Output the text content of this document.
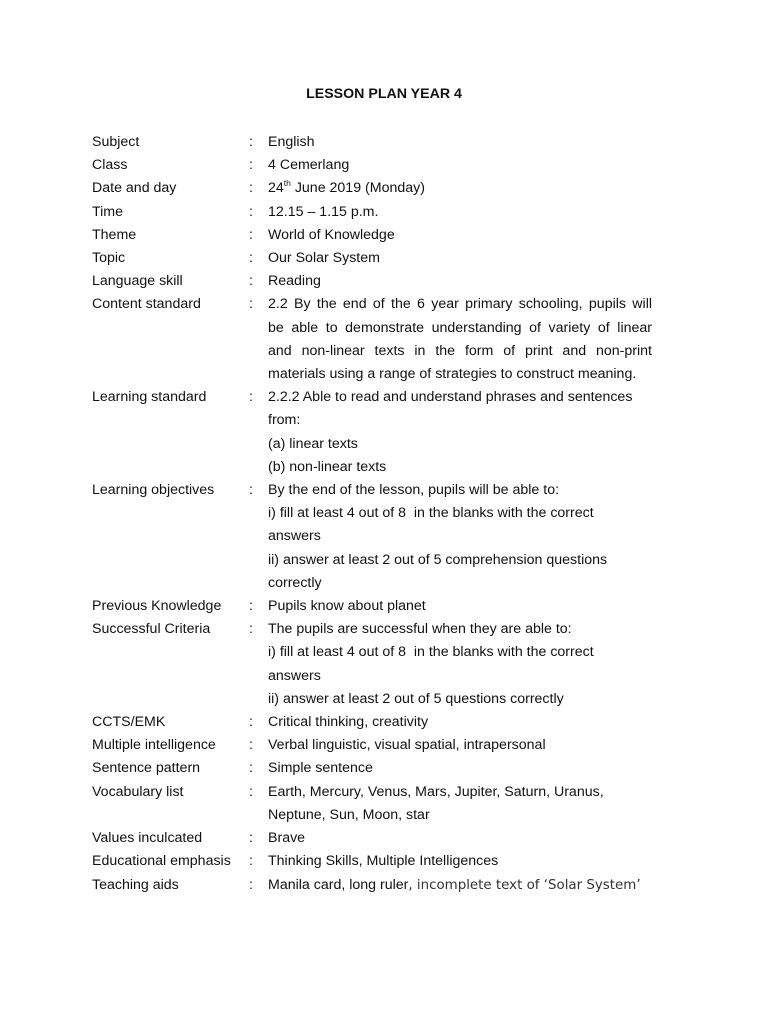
LESSON PLAN YEAR 4
Subject	:	English
Class	:	4 Cemerlang
Date and day	:	24th June 2019 (Monday)
Time	:	12.15 – 1.15 p.m.
Theme	:	World of Knowledge
Topic	:	Our Solar System
Language skill	:	Reading
Content standard	:	2.2 By the end of the 6 year primary schooling, pupils will
be able to demonstrate understanding of variety of linear
and non-linear texts in the form of print and non-print
materials using a range of strategies to construct meaning.
Learning standard	:	2.2.2 Able to read and understand phrases and sentences
from:
(a) linear texts
(b) non-linear texts
Learning objectives	:	By the end of the lesson, pupils will be able to:
i) fill at least 4 out of 8  in the blanks with the correct
answers
ii) answer at least 2 out of 5 comprehension questions
correctly
Previous Knowledge	:	Pupils know about planet
Successful Criteria	:	The pupils are successful when they are able to:
i) fill at least 4 out of 8  in the blanks with the correct
answers
ii) answer at least 2 out of 5 questions correctly
CCTS/EMK	:	Critical thinking, creativity
Multiple intelligence	:	Verbal linguistic, visual spatial, intrapersonal
Sentence pattern	:	Simple sentence
Vocabulary list	:	Earth, Mercury, Venus, Mars, Jupiter, Saturn, Uranus,
Neptune, Sun, Moon, star
Values inculcated	:	Brave
Educational emphasis	:	Thinking Skills, Multiple Intelligences
Teaching aids	:	Manila card, long ruler, incomplete text of ‘Solar System’
